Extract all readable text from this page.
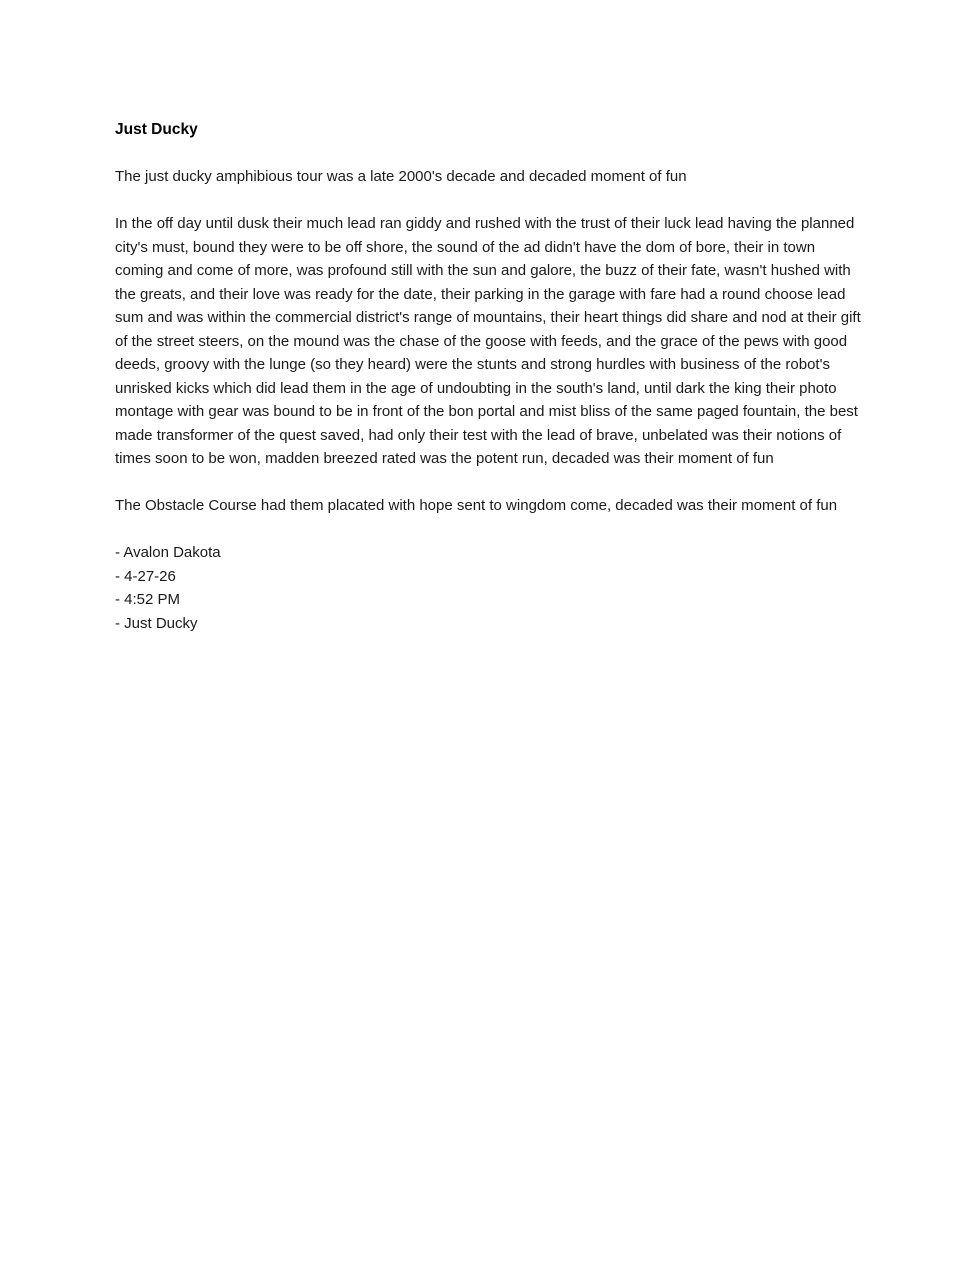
Just Ducky

The just ducky amphibious tour was a late 2000's decade and decaded moment of fun

In the off day until dusk their much lead ran giddy and rushed with the trust of their luck lead having the planned city's must, bound they were to be off shore, the sound of the ad didn't have the dom of bore, their in town coming and come of more, was profound still with the sun and galore, the buzz of their fate, wasn't hushed with the greats, and their love was ready for the date, their parking in the garage with fare had a round choose lead sum and was within the commercial district's range of mountains, their heart things did share and nod at their gift of the street steers, on the mound was the chase of the goose with feeds, and the grace of the pews with good deeds, groovy with the lunge (so they heard) were the stunts and strong hurdles with business of the robot's unrisked kicks which did lead them in the age of undoubting in the south's land, until dark the king their photo montage with gear was bound to be in front of the bon portal and mist bliss of the same paged fountain, the best made transformer of the quest saved, had only their test with the lead of brave, unbelated was their notions of times soon to be won, madden breezed rated was the potent run, decaded was their moment of fun

The Obstacle Course had them placated with hope sent to wingdom come, decaded was their moment of fun

- Avalon Dakota
- 4-27-26
- 4:52 PM
- Just Ducky
